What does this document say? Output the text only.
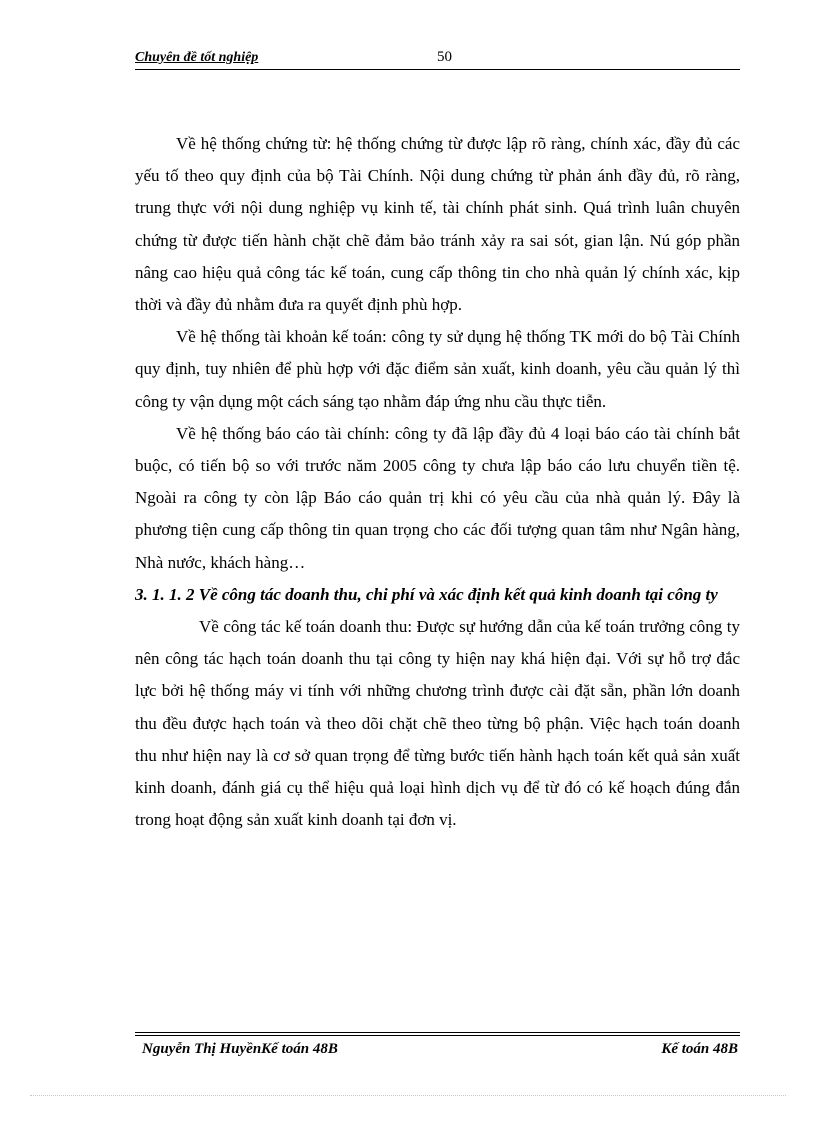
Chuyên đề tốt nghiệp	50

Về hệ thống chứng từ: hệ thống chứng từ được lập rõ ràng, chính xác, đầy đủ các yếu tố theo quy định của bộ Tài Chính. Nội dung chứng từ phản ánh đầy đủ, rõ ràng, trung thực với nội dung nghiệp vụ kinh tế, tài chính phát sinh. Quá trình luân chuyên chứng từ được tiến hành chặt chẽ đảm bảo tránh xảy ra sai sót, gian lận. Nú góp phần nâng cao hiệu quả công tác kế toán, cung cấp thông tin cho nhà quản lý chính xác, kịp thời và đầy đủ nhằm đưa ra quyết định phù hợp.

Về hệ thống tài khoản kế toán: công ty sử dụng hệ thống TK mới do bộ Tài Chính quy định, tuy nhiên để phù hợp với đặc điểm sản xuất, kinh doanh, yêu cầu quản lý thì công ty vận dụng một cách sáng tạo nhằm đáp ứng nhu cầu thực tiễn.

Về hệ thống báo cáo tài chính: công ty đã lập đầy đủ 4 loại báo cáo tài chính bắt buộc, có tiến bộ so với trước năm 2005 công ty chưa lập báo cáo lưu chuyển tiền tệ. Ngoài ra công ty còn lập Báo cáo quản trị khi có yêu cầu của nhà quản lý. Đây là phương tiện cung cấp thông tin quan trọng cho các đối tượng quan tâm như Ngân hàng, Nhà nước, khách hàng…

3. 1. 1. 2 Về công tác doanh thu, chi phí và xác định kết quả kinh doanh tại công ty

Về công tác kế toán doanh thu: Được sự hướng dẫn của kế toán trưởng công ty nên công tác hạch toán doanh thu tại công ty hiện nay khá hiện đại. Với sự hỗ trợ đắc lực bởi hệ thống máy vi tính với những chương trình được cài đặt sẵn, phần lớn doanh thu đều được hạch toán và theo dõi chặt chẽ theo từng bộ phận. Việc hạch toán doanh thu như hiện nay là cơ sở quan trọng để từng bước tiến hành hạch toán kết quả sản xuất kinh doanh, đánh giá cụ thể hiệu quả loại hình dịch vụ để từ đó có kế hoạch đúng đắn trong hoạt động sản xuất kinh doanh tại đơn vị.

Nguyễn Thị HuyềnKế toán 48B	Kế toán 48B
